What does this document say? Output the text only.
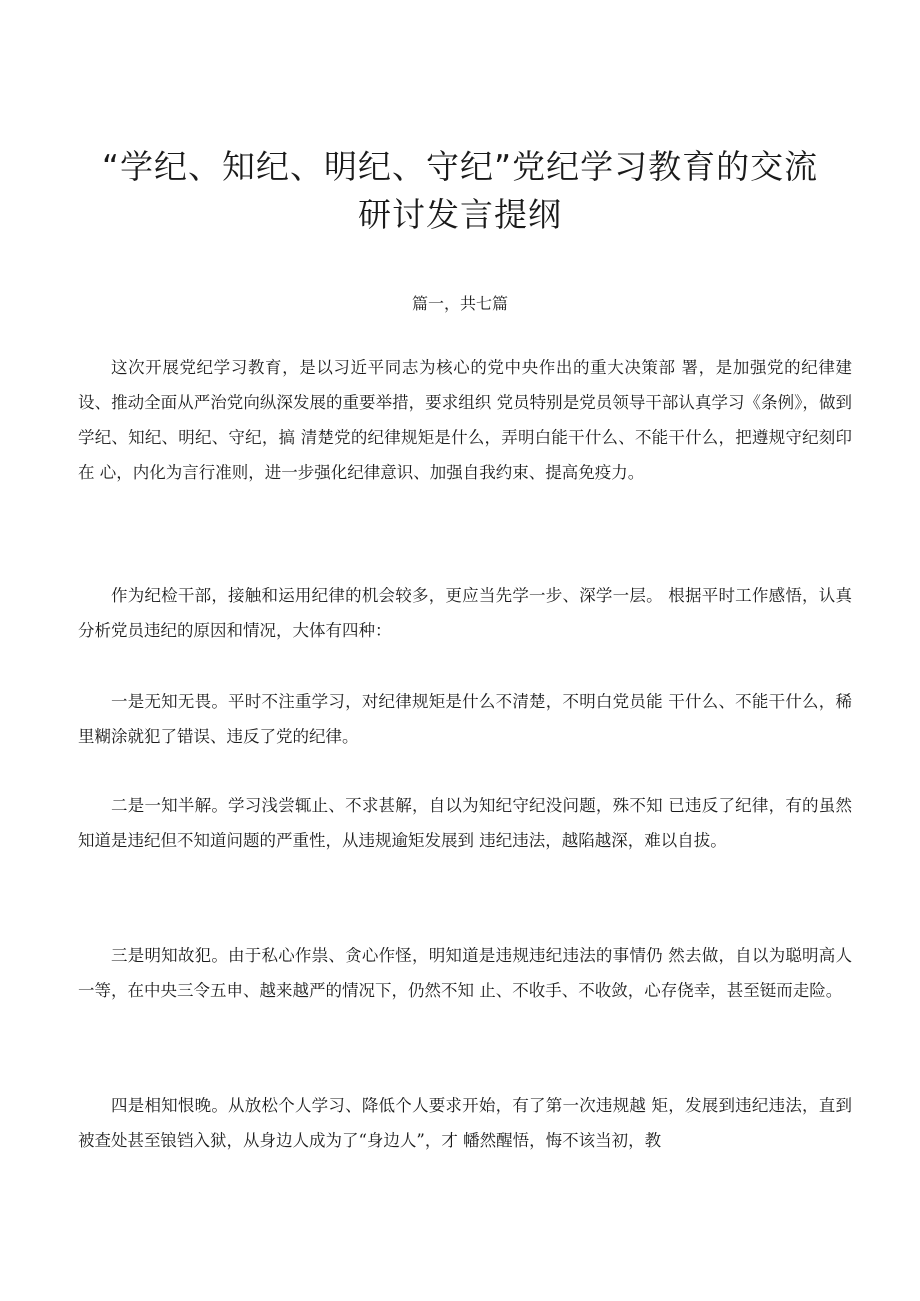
“学纪、知纪、明纪、守纪”党纪学习教育的交流
研讨发言提纲
篇一，共七篇

这次开展党纪学习教育，是以习近平同志为核心的党中央作出的重大决策部 署，是加强党的纪律建设、推动全面从严治党向纵深发展的重要举措，要求组织 党员特别是党员领导干部认真学习《条例》，做到学纪、知纪、明纪、守纪，搞 清楚党的纪律规矩是什么，弄明白能干什么、不能干什么，把遵规守纪刻印在 心，内化为言行准则，进一步强化纪律意识、加强自我约束、提高免疫力。

作为纪检干部，接触和运用纪律的机会较多，更应当先学一步、深学一层。 根据平时工作感悟，认真分析党员违纪的原因和情况，大体有四种：

一是无知无畏。平时不注重学习，对纪律规矩是什么不清楚，不明白党员能 干什么、不能干什么，稀里糊涂就犯了错误、违反了党的纪律。

二是一知半解。学习浅尝辄止、不求甚解，自以为知纪守纪没问题，殊不知 已违反了纪律，有的虽然知道是违纪但不知道问题的严重性，从违规逾矩发展到 违纪违法，越陷越深，难以自拔。

三是明知故犯。由于私心作祟、贪心作怪，明知道是违规违纪违法的事情仍 然去做，自以为聪明高人一等，在中央三令五申、越来越严的情况下，仍然不知 止、不收手、不收敛，心存侥幸，甚至铤而走险。

四是相知恨晚。从放松个人学习、降低个人要求开始，有了第一次违规越 矩，发展到违纪违法，直到被查处甚至锒铛入狱，从身边人成为了“身边人”，才 幡然醒悟，悔不该当初，教
